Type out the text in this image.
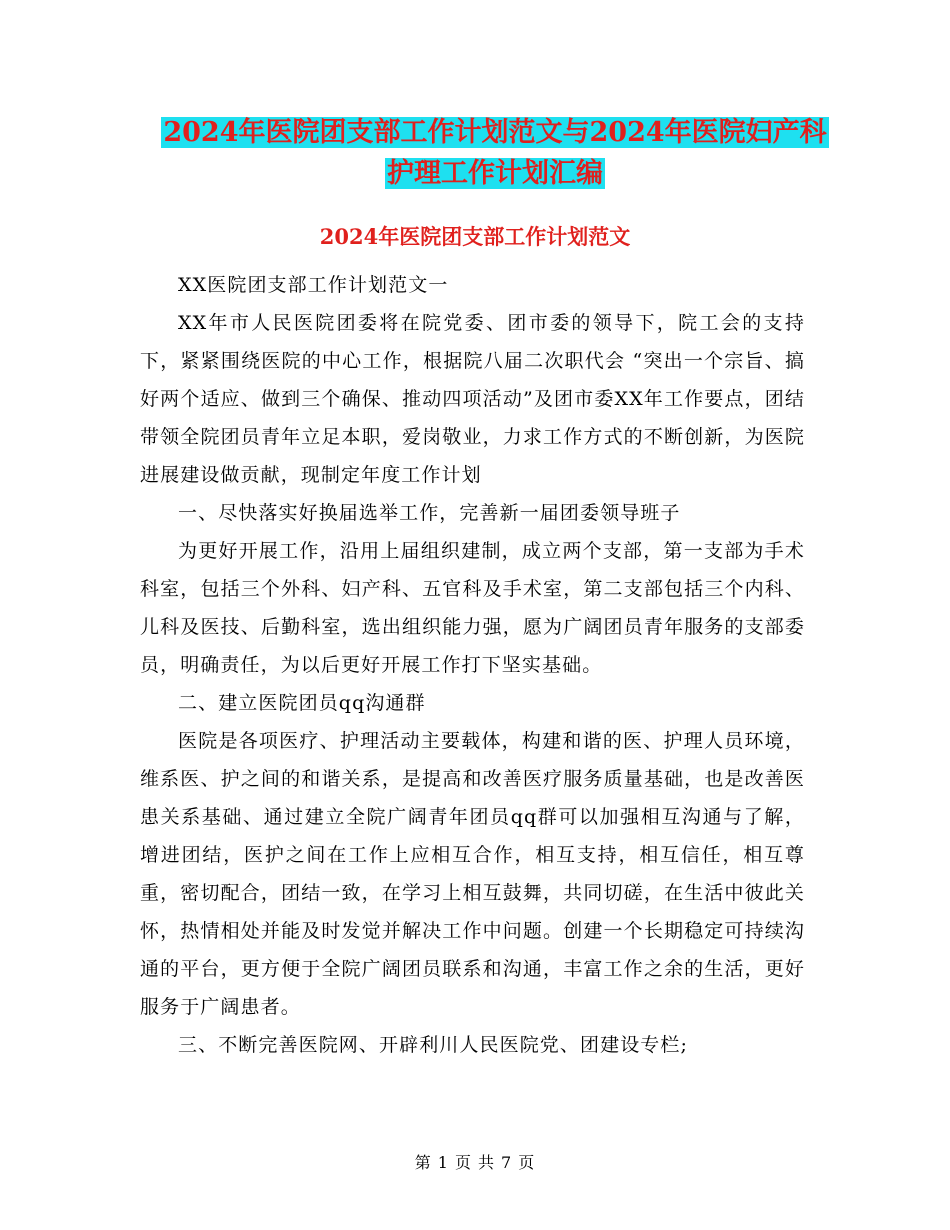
2024年医院团支部工作计划范文与2024年医院妇产科
护理工作计划汇编
2024年医院团支部工作计划范文

XX医院团支部工作计划范文一

XX年市人民医院团委将在院党委、团市委的领导下，院工会的支持下，紧紧围绕医院的中心工作，根据院八届二次职代会 “突出一个宗旨、搞好两个适应、做到三个确保、推动四项活动”及团市委XX年工作要点，团结带领全院团员青年立足本职，爱岗敬业，力求工作方式的不断创新，为医院进展建设做贡献，现制定年度工作计划

一、尽快落实好换届选举工作，完善新一届团委领导班子

为更好开展工作，沿用上届组织建制，成立两个支部，第一支部为手术科室，包括三个外科、妇产科、五官科及手术室，第二支部包括三个内科、儿科及医技、后勤科室，选出组织能力强，愿为广阔团员青年服务的支部委员，明确责任，为以后更好开展工作打下坚实基础。

二、建立医院团员qq沟通群

医院是各项医疗、护理活动主要载体，构建和谐的医、护理人员环境，维系医、护之间的和谐关系，是提高和改善医疗服务质量基础，也是改善医患关系基础、通过建立全院广阔青年团员qq群可以加强相互沟通与了解，增进团结，医护之间在工作上应相互合作，相互支持，相互信任，相互尊重，密切配合，团结一致，在学习上相互鼓舞，共同切磋，在生活中彼此关怀，热情相处并能及时发觉并解决工作中问题。创建一个长期稳定可持续沟通的平台，更方便于全院广阔团员联系和沟通，丰富工作之余的生活，更好服务于广阔患者。

三、不断完善医院网、开辟利川人民医院党、团建设专栏;

第 1 页 共 7 页
